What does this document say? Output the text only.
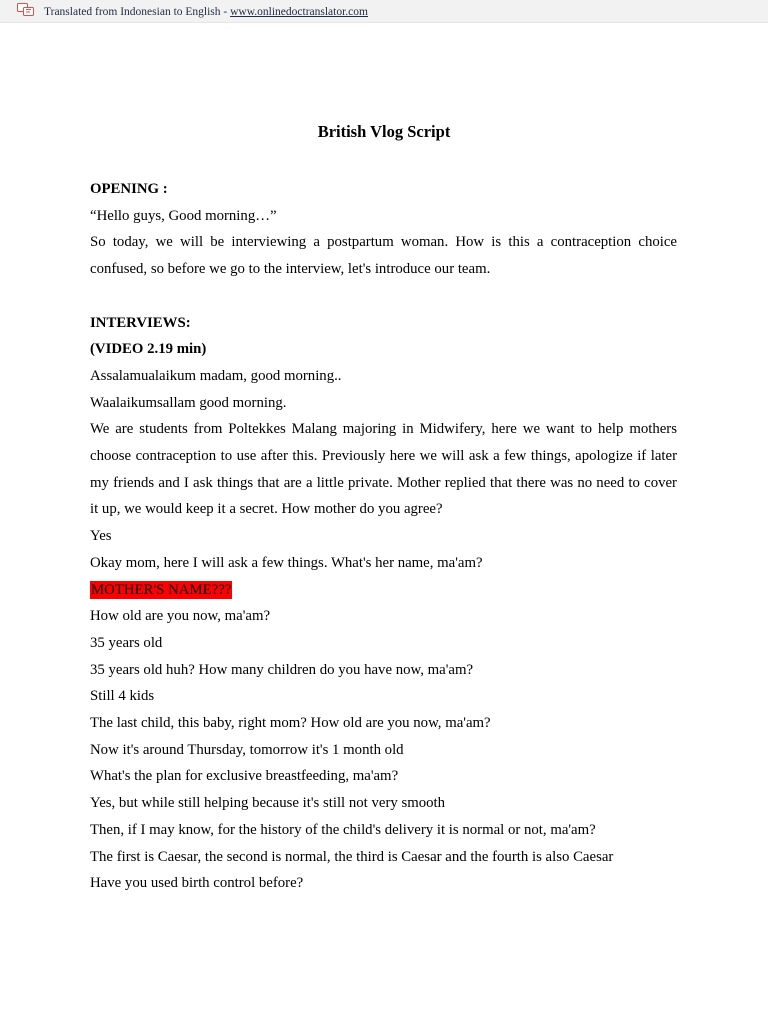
Translated from Indonesian to English - www.onlinedoctranslator.com
British Vlog Script

OPENING :

“Hello guys, Good morning…”

So today, we will be interviewing a postpartum woman. How is this a contraception choice confused, so before we go to the interview, let's introduce our team.

INTERVIEWS:

(VIDEO 2.19 min)

Assalamualaikum madam, good morning..

Waalaikumsallam good morning.

We are students from Poltekkes Malang majoring in Midwifery, here we want to help mothers choose contraception to use after this. Previously here we will ask a few things, apologize if later my friends and I ask things that are a little private. Mother replied that there was no need to cover it up, we would keep it a secret. How mother do you agree?

Yes

Okay mom, here I will ask a few things. What's her name, ma'am?

MOTHER'S NAME???

How old are you now, ma'am?

35 years old

35 years old huh? How many children do you have now, ma'am?

Still 4 kids

The last child, this baby, right mom? How old are you now, ma'am?

Now it's around Thursday, tomorrow it's 1 month old

What's the plan for exclusive breastfeeding, ma'am?

Yes, but while still helping because it's still not very smooth

Then, if I may know, for the history of the child's delivery it is normal or not, ma'am?

The first is Caesar, the second is normal, the third is Caesar and the fourth is also Caesar

Have you used birth control before?
